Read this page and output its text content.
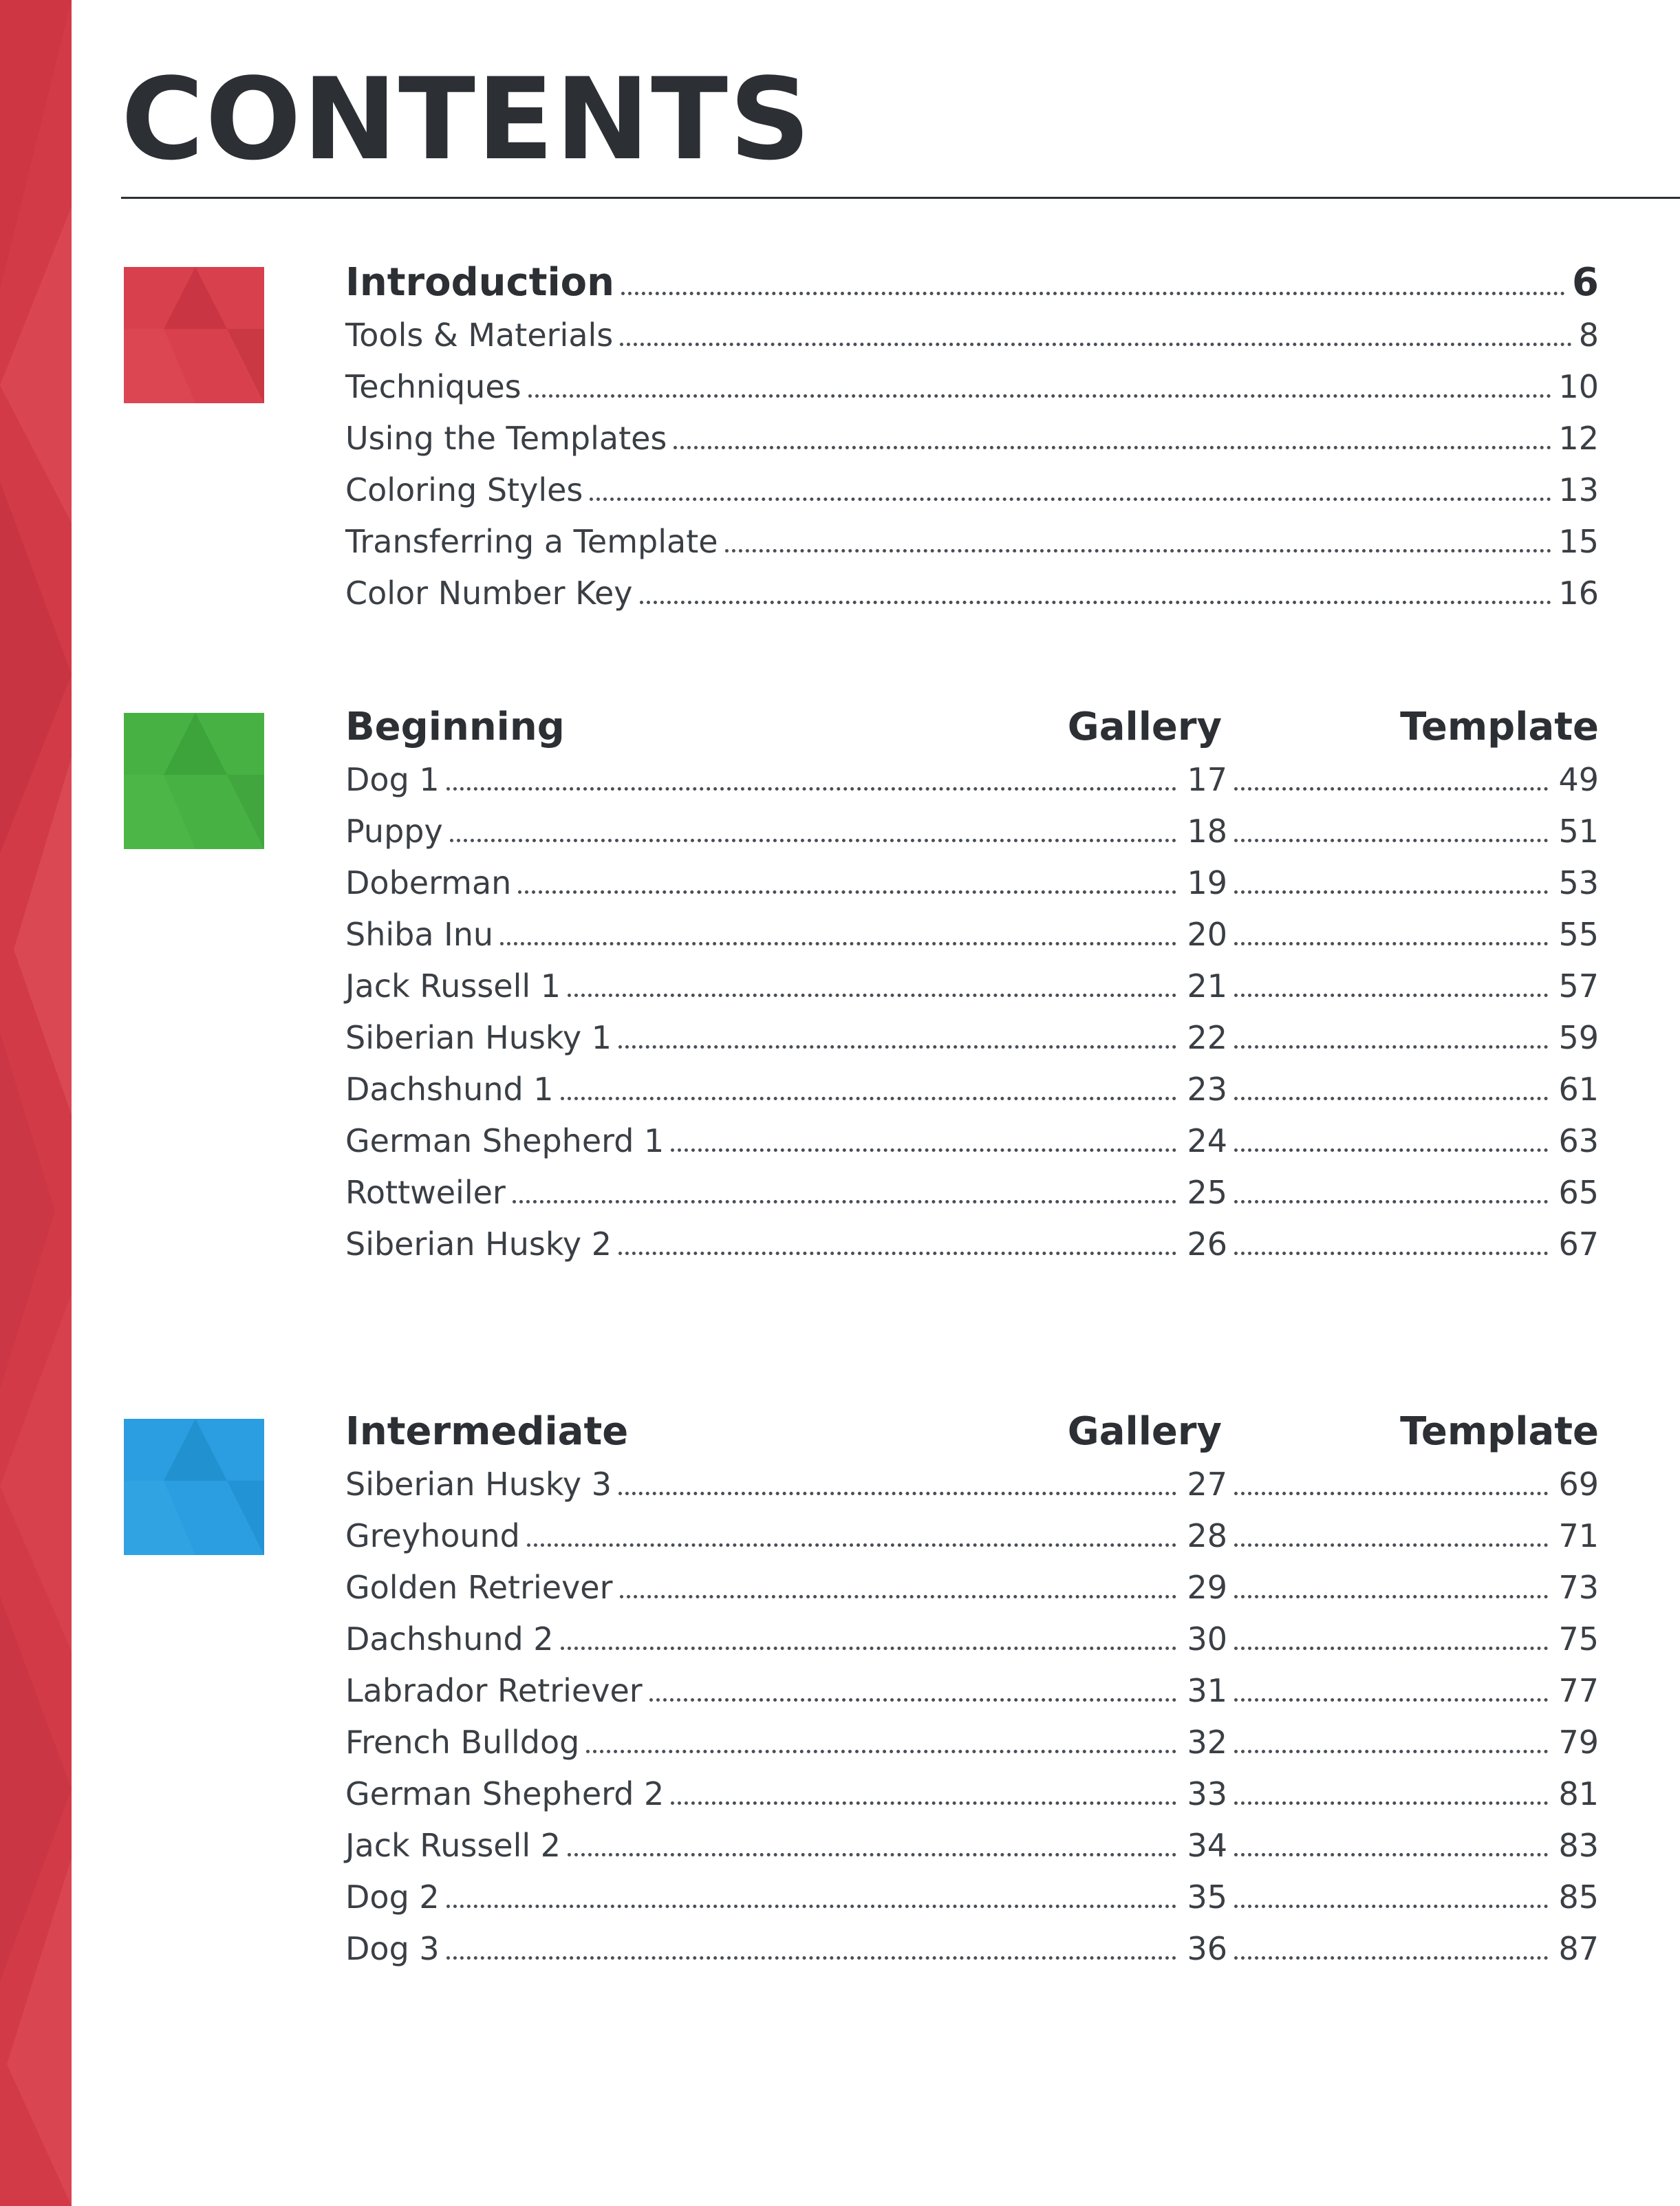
CONTENTS
Introduction	6
Tools & Materials	8
Techniques	10
Using the Templates	12
Coloring Styles	13
Transferring a Template	15
Color Number Key	16
Beginning	Gallery	Template
Dog 1	17	49
Puppy	18	51
Doberman	19	53
Shiba Inu	20	55
Jack Russell 1	21	57
Siberian Husky 1	22	59
Dachshund 1	23	61
German Shepherd 1	24	63
Rottweiler	25	65
Siberian Husky 2	26	67
Intermediate	Gallery	Template
Siberian Husky 3	27	69
Greyhound	28	71
Golden Retriever	29	73
Dachshund 2	30	75
Labrador Retriever	31	77
French Bulldog	32	79
German Shepherd 2	33	81
Jack Russell 2	34	83
Dog 2	35	85
Dog 3	36	87
